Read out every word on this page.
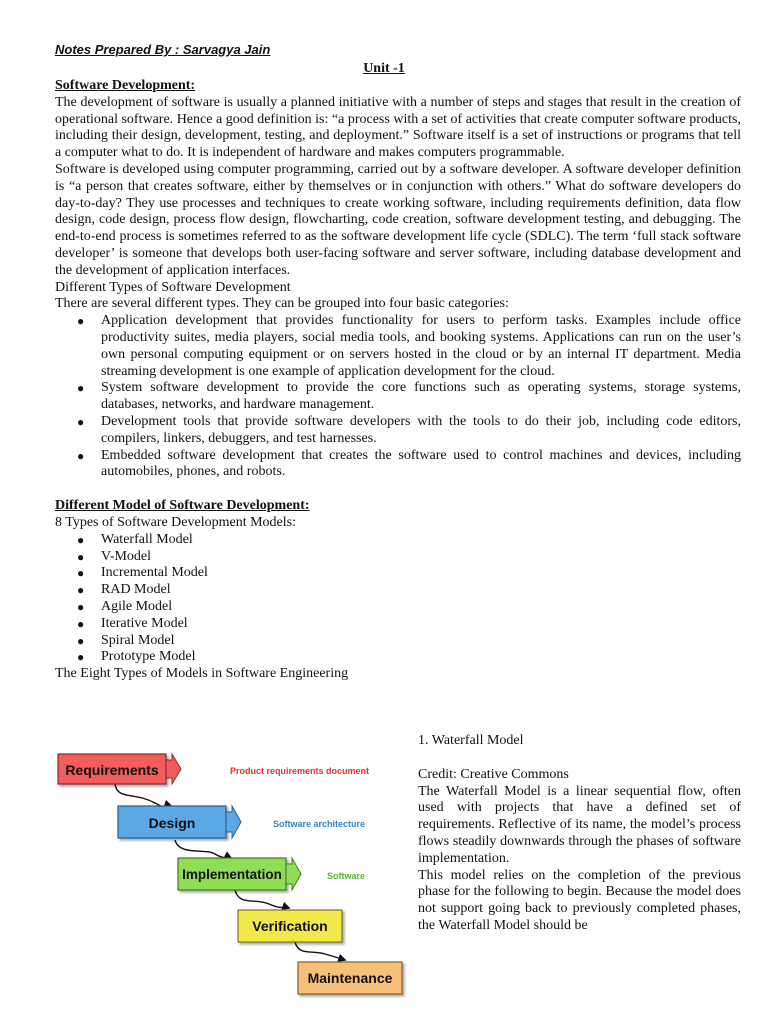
Notes Prepared By : Sarvagya Jain
Unit -1
Software Development:
The development of software is usually a planned initiative with a number of steps and stages that result in the creation of operational software. Hence a good definition is: “a process with a set of activities that create computer software products, including their design, development, testing, and deployment.” Software itself is a set of instructions or programs that tell a computer what to do. It is independent of hardware and makes computers programmable.
Software is developed using computer programming, carried out by a software developer. A software developer definition is “a person that creates software, either by themselves or in conjunction with others.” What do software developers do day-to-day? They use processes and techniques to create working software, including requirements definition, data flow design, code design, process flow design, flowcharting, code creation, software development testing, and debugging. The end-to-end process is sometimes referred to as the software development life cycle (SDLC). The term ‘full stack software developer’ is someone that develops both user-facing software and server software, including database development and the development of application interfaces.
Different Types of Software Development
There are several different types. They can be grouped into four basic categories:
● Application development that provides functionality for users to perform tasks. Examples include office productivity suites, media players, social media tools, and booking systems. Applications can run on the user’s own personal computing equipment or on servers hosted in the cloud or by an internal IT department. Media streaming development is one example of application development for the cloud.
● System software development to provide the core functions such as operating systems, storage systems, databases, networks, and hardware management.
● Development tools that provide software developers with the tools to do their job, including code editors, compilers, linkers, debuggers, and test harnesses.
● Embedded software development that creates the software used to control machines and devices, including automobiles, phones, and robots.
Different Model of Software Development:
8 Types of Software Development Models:
● Waterfall Model
● V-Model
● Incremental Model
● RAD Model
● Agile Model
● Iterative Model
● Spiral Model
● Prototype Model
The Eight Types of Models in Software Engineering
1. Waterfall Model
Credit: Creative Commons
The Waterfall Model is a linear sequential flow, often used with projects that have a defined set of requirements. Reflective of its name, the model’s process flows steadily downwards through the phases of software implementation.
This model relies on the completion of the previous phase for the following to begin. Because the model does not support going back to previously completed phases, the Waterfall Model should be
Requirements	Product requirements document
Design	Software architecture
Implementation	Software
Verification
Maintenance
